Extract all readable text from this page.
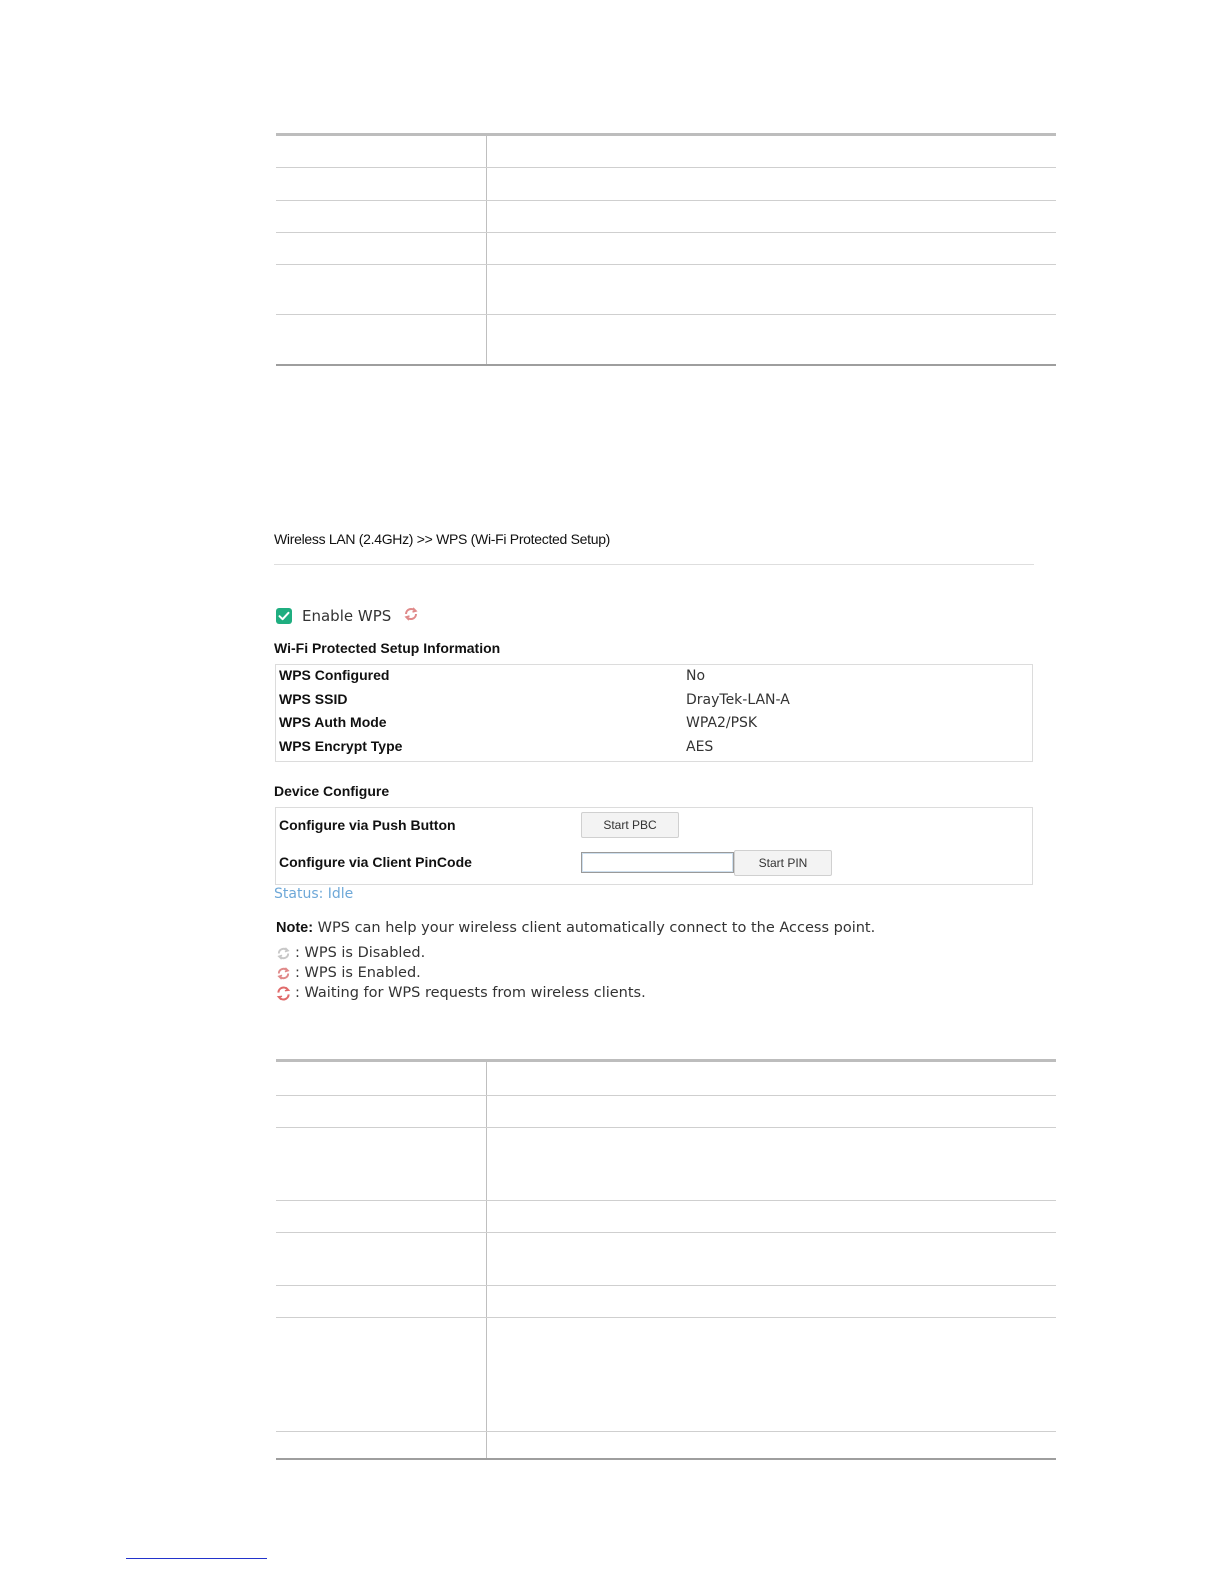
Wireless LAN (2.4GHz) >> WPS (Wi-Fi Protected Setup)
Enable WPS
Wi-Fi Protected Setup Information
WPS Configured	No
WPS SSID	DrayTek-LAN-A
WPS Auth Mode	WPA2/PSK
WPS Encrypt Type	AES
Device Configure
Configure via Push Button	Start PBC
Configure via Client PinCode	Start PIN
Status: Idle
Note: WPS can help your wireless client automatically connect to the Access point.
: WPS is Disabled.
: WPS is Enabled.
: Waiting for WPS requests from wireless clients.
